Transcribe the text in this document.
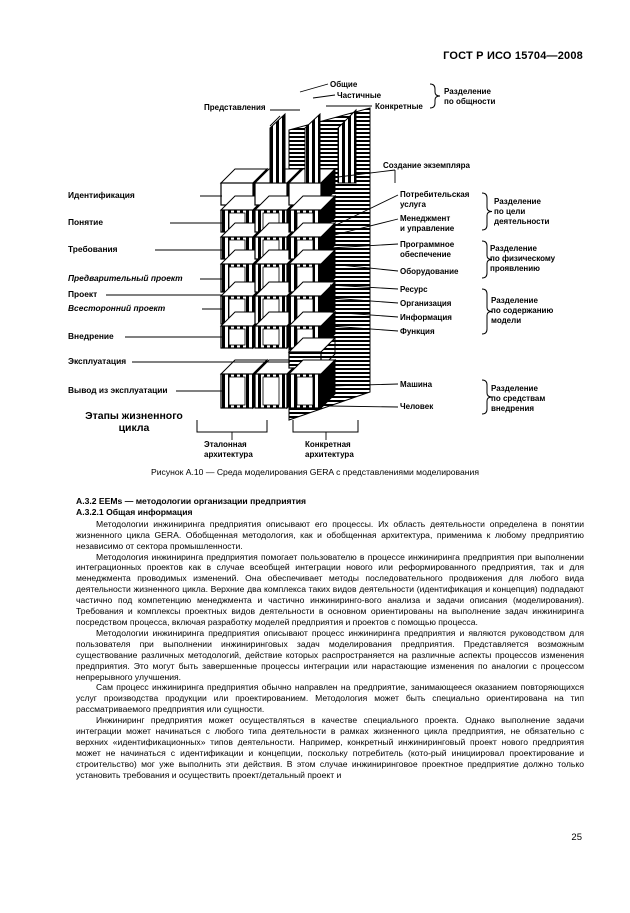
ГОСТ Р ИСО 15704—2008
Общие
Частичные
Конкретные
Представления
Разделение
по общности
Создание экземпляра
Идентификация
Понятие
Требования
Предварительный проект
Проект
Всесторонний проект
Внедрение
Эксплуатация
Вывод из эксплуатации
Этапы жизненного
цикла
Потребительская
услуга
Менеджмент
и управление
Программное
обеспечение
Оборудование
Ресурс
Организация
Информация
Функция
Машина
Человек
Разделение
по цели
деятельности
Разделение
по физическому
проявлению
Разделение
по содержанию
модели
Разделение
по средствам
внедрения
Эталонная
архитектура
Конкретная
архитектура
Рисунок А.10 — Среда моделирования GERA с представлениями моделирования
А.3.2 EEMs — методологии организации предприятия
А.3.2.1 Общая информация

Методологии инжиниринга предприятия описывают его процессы. Их область деятельности определена в понятии жизненного цикла GERA. Обобщенная методология, как и обобщенная архитектура, применима к любому предприятию независимо от сектора промышленности.

Методология инжиниринга предприятия помогает пользователю в процессе инжиниринга предприятия при выполнении интеграционных проектов как в случае всеобщей интеграции нового или реформированного предприятия, так и для менеджмента проводимых изменений. Она обеспечивает методы последовательного продвижения для любого вида деятельности жизненного цикла. Верхние два комплекса таких видов деятельности (идентификация и концепция) подпадают частично под компетенцию менеджмента и частично инжиниринго-вого анализа и задачи описания (моделирования). Требования и комплексы проектных видов деятельности в основном ориентированы на выполнение задач инжиниринга посредством процесса, включая разработку моделей предприятия и проектов с помощью процесса.

Методологии инжиниринга предприятия описывают процесс инжиниринга предприятия и являются руководством для пользователя при выполнении инжиниринговых задач моделирования предприятия. Представляется возможным существование различных методологий, действие которых распространяется на различные аспекты процессов изменения предприятия. Это могут быть завершенные процессы интеграции или нарастающие изменения по аналогии с процессом непрерывного улучшения.

Сам процесс инжиниринга предприятия обычно направлен на предприятие, занимающееся оказанием повторяющихся услуг производства продукции или проектированием. Методология может быть специально ориентирована на тип рассматриваемого предприятия или сущности.

Инжиниринг предприятия может осуществляться в качестве специального проекта. Однако выполнение задачи интеграции может начинаться с любого типа деятельности в рамках жизненного цикла предприятия, не обязательно с верхних «идентификационных» типов деятельности. Например, конкретный инжиниринговый проект нового предприятия может не начинаться с идентификации и концепции, поскольку потребитель (кото-рый инициировал проектирование и строительство) мог уже выполнить эти действия. В этом случае инжиниринговое проектное предприятие должно только установить требования и осуществить проект/детальный проект и

25
